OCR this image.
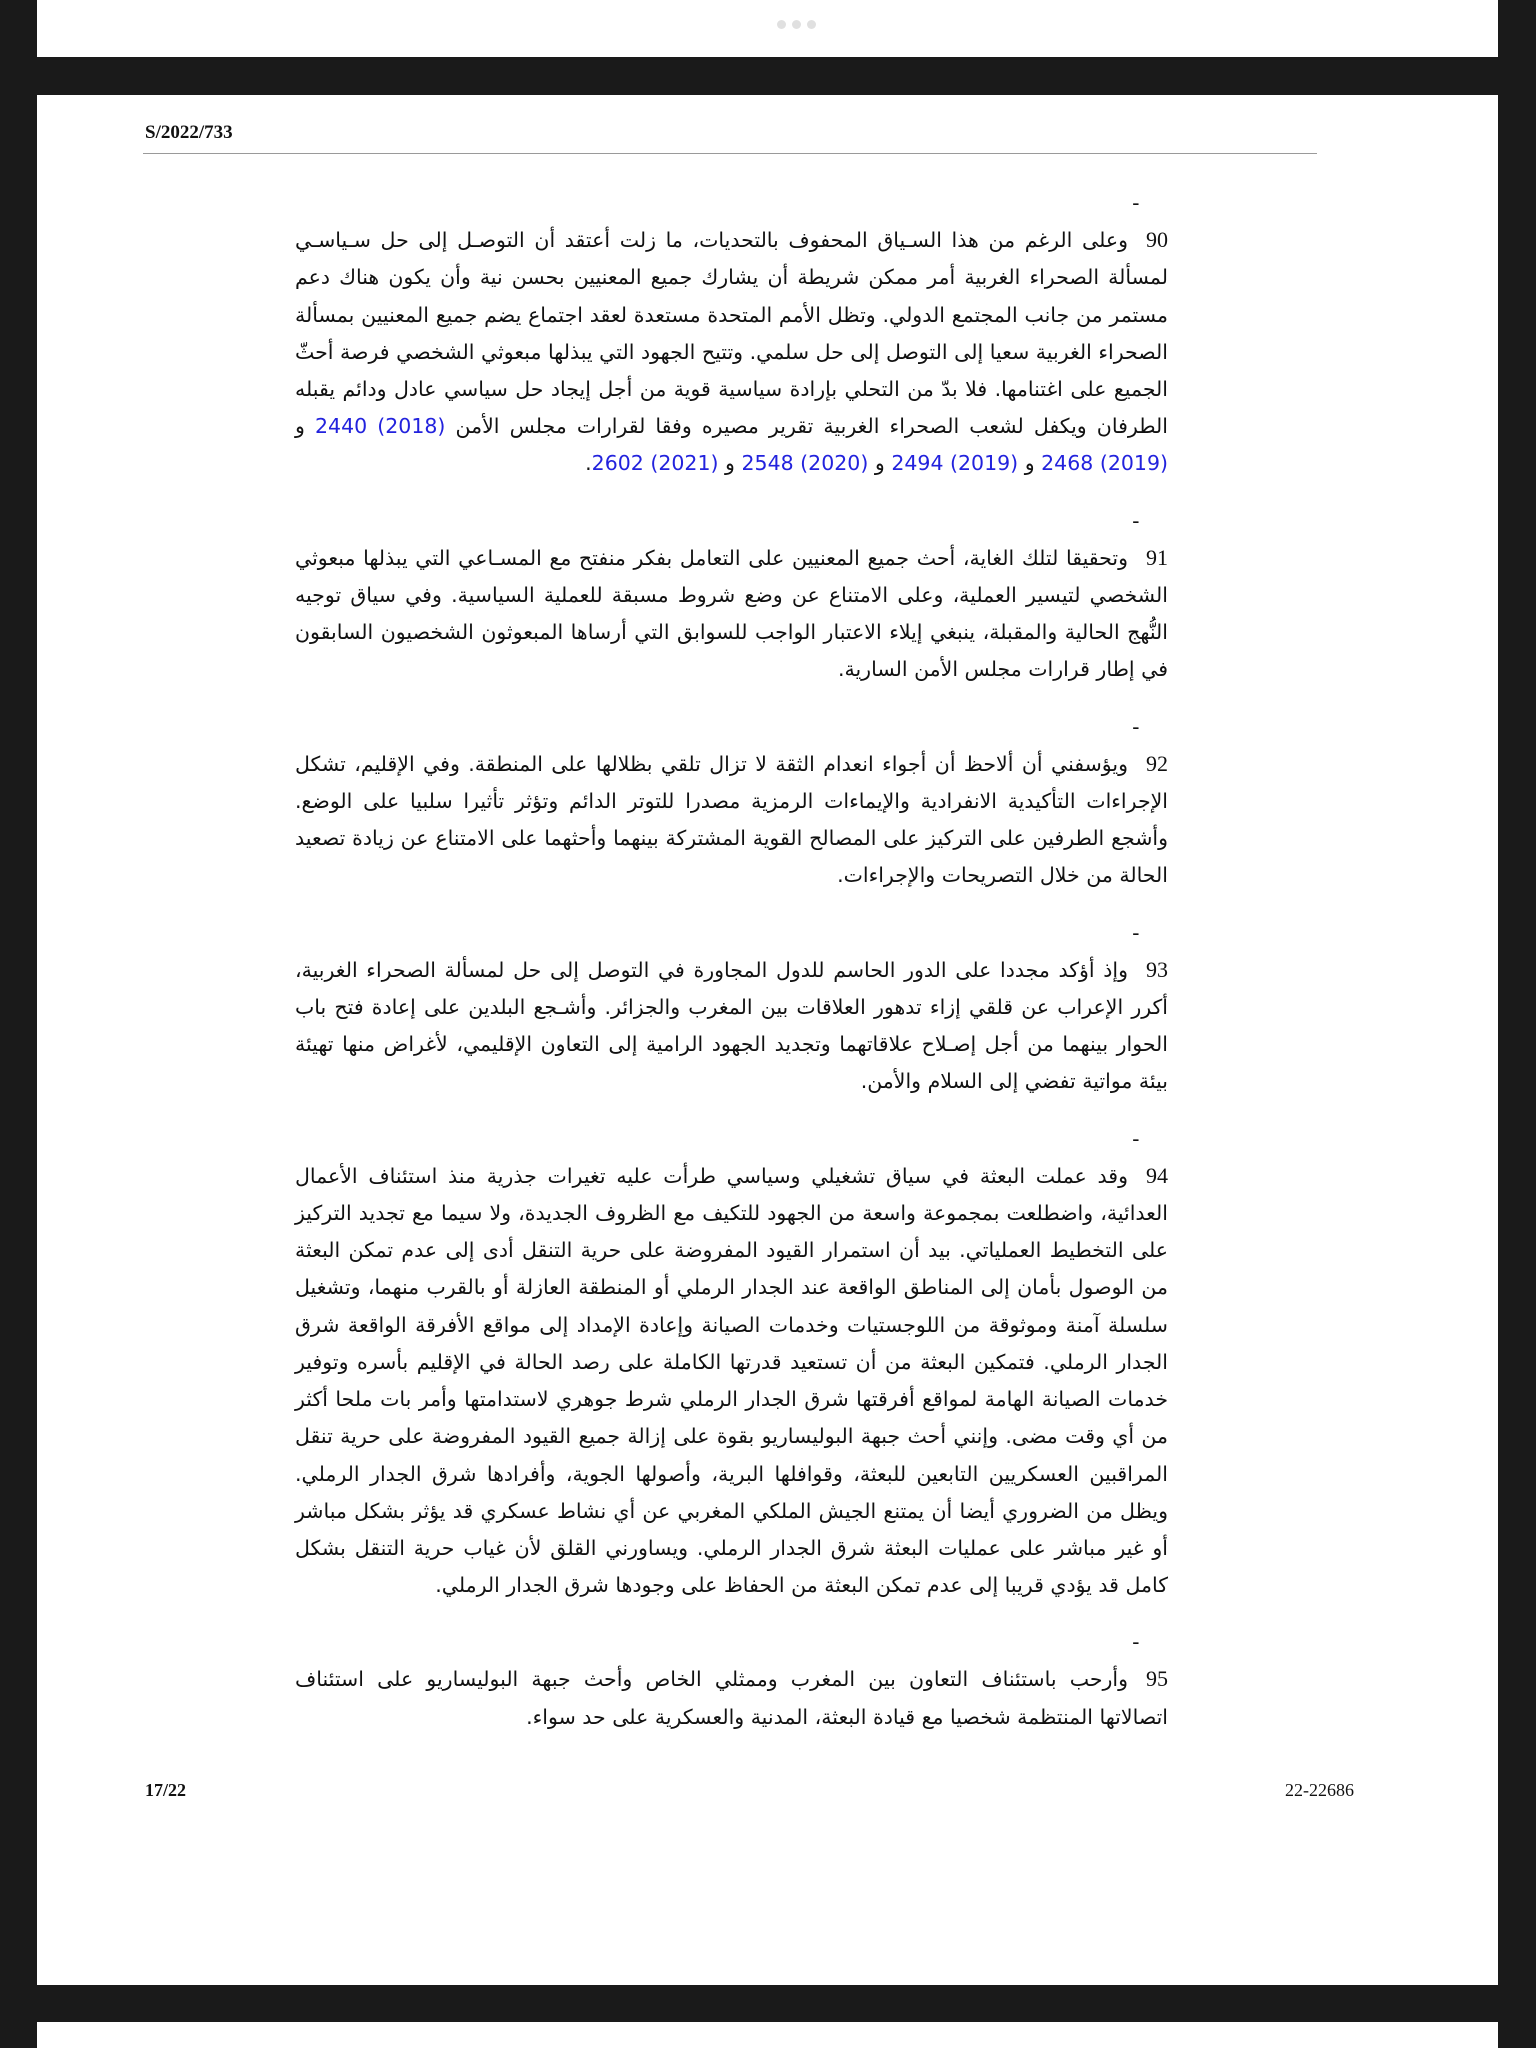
S/2022/733

90 -  وعلى الرغم من هذا السـياق المحفوف بالتحديات، ما زلت أعتقد أن التوصـل إلى حل سـياسـي لمسألة الصحراء الغربية أمر ممكن شريطة أن يشارك جميع المعنيين بحسن نية وأن يكون هناك دعم مستمر من جانب المجتمع الدولي. وتظل الأمم المتحدة مستعدة لعقد اجتماع يضم جميع المعنيين بمسألة الصحراء الغربية سعيا إلى التوصل إلى حل سلمي. وتتيح الجهود التي يبذلها مبعوثي الشخصي فرصة أحثّ الجميع على اغتنامها. فلا بدّ من التحلي بإرادة سياسية قوية من أجل إيجاد حل سياسي عادل ودائم يقبله الطرفان ويكفل لشعب الصحراء الغربية تقرير مصيره وفقا لقرارات مجلس الأمن 2440 (2018) و 2468 (2019) و 2494 (2019) و 2548 (2020) و 2602 (2021).

91 -  وتحقيقا لتلك الغاية، أحث جميع المعنيين على التعامل بفكر منفتح مع المسـاعي التي يبذلها مبعوثي الشخصي لتيسير العملية، وعلى الامتناع عن وضع شروط مسبقة للعملية السياسية. وفي سياق توجيه النُّهج الحالية والمقبلة، ينبغي إيلاء الاعتبار الواجب للسوابق التي أرساها المبعوثون الشخصيون السابقون في إطار قرارات مجلس الأمن السارية.

92 -  ويؤسفني أن ألاحظ أن أجواء انعدام الثقة لا تزال تلقي بظلالها على المنطقة. وفي الإقليم، تشكل الإجراءات التأكيدية الانفرادية والإيماءات الرمزية مصدرا للتوتر الدائم وتؤثر تأثيرا سلبيا على الوضع. وأشجع الطرفين على التركيز على المصالح القوية المشتركة بينهما وأحثهما على الامتناع عن زيادة تصعيد الحالة من خلال التصريحات والإجراءات.

93 -  وإذ أؤكد مجددا على الدور الحاسم للدول المجاورة في التوصل إلى حل لمسألة الصحراء الغربية، أكرر الإعراب عن قلقي إزاء تدهور العلاقات بين المغرب والجزائر. وأشـجع البلدين على إعادة فتح باب الحوار بينهما من أجل إصـلاح علاقاتهما وتجديد الجهود الرامية إلى التعاون الإقليمي، لأغراض منها تهيئة بيئة مواتية تفضي إلى السلام والأمن.

94 -  وقد عملت البعثة في سياق تشغيلي وسياسي طرأت عليه تغيرات جذرية منذ استئناف الأعمال العدائية، واضطلعت بمجموعة واسعة من الجهود للتكيف مع الظروف الجديدة، ولا سيما مع تجديد التركيز على التخطيط العملياتي. بيد أن استمرار القيود المفروضة على حرية التنقل أدى إلى عدم تمكن البعثة من الوصول بأمان إلى المناطق الواقعة عند الجدار الرملي أو المنطقة العازلة أو بالقرب منهما، وتشغيل سلسلة آمنة وموثوقة من اللوجستيات وخدمات الصيانة وإعادة الإمداد إلى مواقع الأفرقة الواقعة شرق الجدار الرملي. فتمكين البعثة من أن تستعيد قدرتها الكاملة على رصد الحالة في الإقليم بأسره وتوفير خدمات الصيانة الهامة لمواقع أفرقتها شرق الجدار الرملي شرط جوهري لاستدامتها وأمر بات ملحا أكثر من أي وقت مضى. وإنني أحث جبهة البوليساريو بقوة على إزالة جميع القيود المفروضة على حرية تنقل المراقبين العسكريين التابعين للبعثة، وقوافلها البرية، وأصولها الجوية، وأفرادها شرق الجدار الرملي. ويظل من الضروري أيضا أن يمتنع الجيش الملكي المغربي عن أي نشاط عسكري قد يؤثر بشكل مباشر أو غير مباشر على عمليات البعثة شرق الجدار الرملي. ويساورني القلق لأن غياب حرية التنقل بشكل كامل قد يؤدي قريبا إلى عدم تمكن البعثة من الحفاظ على وجودها شرق الجدار الرملي.

95 -  وأرحب باستئناف التعاون بين المغرب وممثلي الخاص وأحث جبهة البوليساريو على استئناف اتصالاتها المنتظمة شخصيا مع قيادة البعثة، المدنية والعسكرية على حد سواء.

17/22	22-22686
